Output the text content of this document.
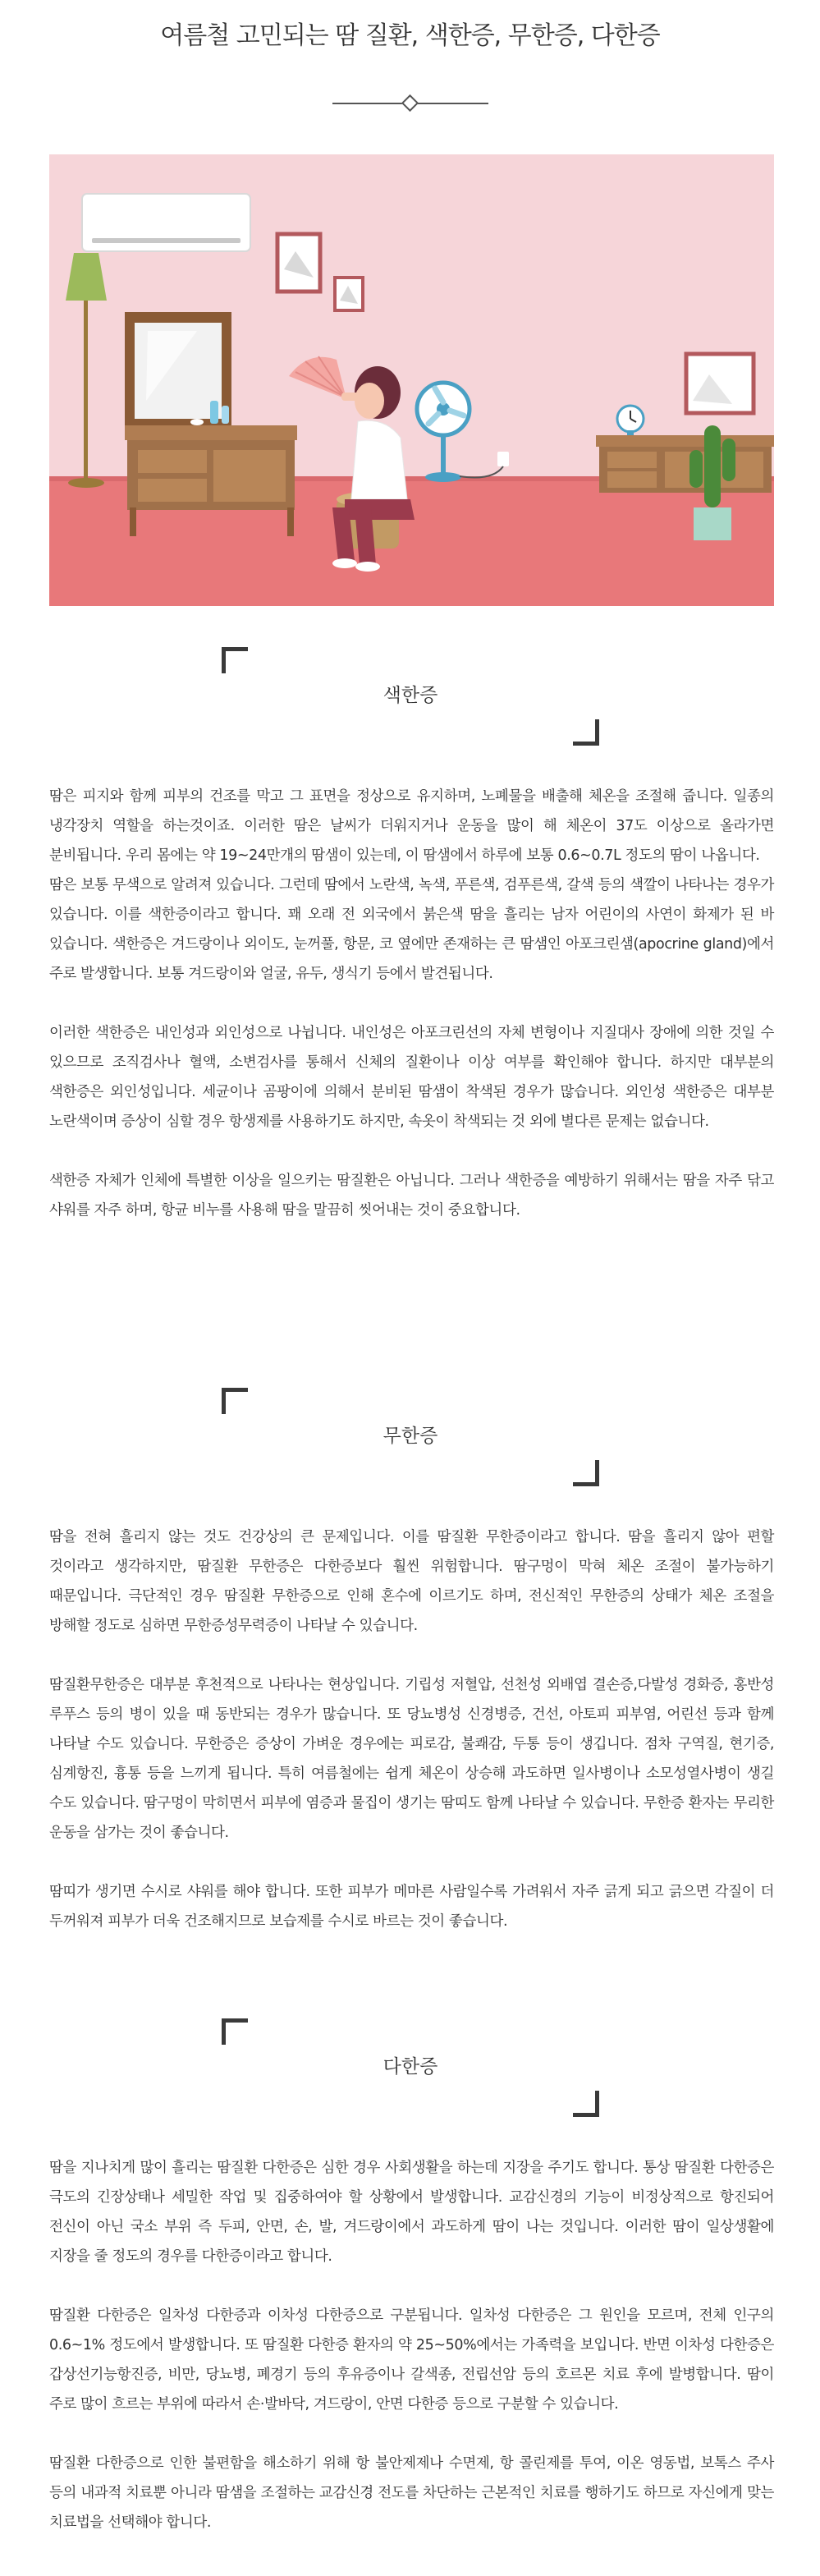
여름철 고민되는 땀 질환, 색한증, 무한증, 다한증
색한증

땀은 피지와 함께 피부의 건조를 막고 그 표면을 정상으로 유지하며, 노폐물을 배출해 체온을 조절해 줍니다. 일종의 냉각장치 역할을 하는것이죠. 이러한 땀은 날씨가 더워지거나 운동을 많이 해 체온이 37도 이상으로 올라가면 분비됩니다. 우리 몸에는 약 19~24만개의 땀샘이 있는데, 이 땀샘에서 하루에 보통 0.6~0.7L 정도의 땀이 나옵니다.

땀은 보통 무색으로 알려져 있습니다. 그런데 땀에서 노란색, 녹색, 푸른색, 검푸른색, 갈색 등의 색깔이 나타나는 경우가 있습니다. 이를 색한증이라고 합니다. 꽤 오래 전 외국에서 붉은색 땀을 흘리는 남자 어린이의 사연이 화제가 된 바 있습니다. 색한증은 겨드랑이나 외이도, 눈꺼풀, 항문, 코 옆에만 존재하는 큰 땀샘인 아포크린샘(apocrine gland)에서 주로 발생합니다. 보통 겨드랑이와 얼굴, 유두, 생식기 등에서 발견됩니다.

이러한 색한증은 내인성과 외인성으로 나뉩니다. 내인성은 아포크린선의 자체 변형이나 지질대사 장애에 의한 것일 수 있으므로 조직검사나 혈액, 소변검사를 통해서 신체의 질환이나 이상 여부를 확인해야 합니다. 하지만 대부분의 색한증은 외인성입니다. 세균이나 곰팡이에 의해서 분비된 땀샘이 착색된 경우가 많습니다. 외인성 색한증은 대부분 노란색이며 증상이 심할 경우 항생제를 사용하기도 하지만, 속옷이 착색되는 것 외에 별다른 문제는 없습니다.

색한증 자체가 인체에 특별한 이상을 일으키는 땀질환은 아닙니다. 그러나 색한증을 예방하기 위해서는 땀을 자주 닦고 샤워를 자주 하며, 항균 비누를 사용해 땀을 말끔히 씻어내는 것이 중요합니다.

무한증

땀을 전혀 흘리지 않는 것도 건강상의 큰 문제입니다. 이를 땀질환 무한증이라고 합니다. 땀을 흘리지 않아 편할 것이라고 생각하지만, 땀질환 무한증은 다한증보다 훨씬 위험합니다. 땀구멍이 막혀 체온 조절이 불가능하기 때문입니다. 극단적인 경우 땀질환 무한증으로 인해 혼수에 이르기도 하며, 전신적인 무한증의 상태가 체온 조절을 방해할 정도로 심하면 무한증성무력증이 나타날 수 있습니다.

땀질환무한증은 대부분 후천적으로 나타나는 현상입니다. 기립성 저혈압, 선천성 외배엽 결손증,다발성 경화증, 홍반성 루푸스 등의 병이 있을 때 동반되는 경우가 많습니다. 또 당뇨병성 신경병증, 건선, 아토피 피부염, 어린선 등과 함께 나타날 수도 있습니다. 무한증은 증상이 가벼운 경우에는 피로감, 불쾌감, 두통 등이 생깁니다. 점차 구역질, 현기증, 심계항진, 흉통 등을 느끼게 됩니다. 특히 여름철에는 쉽게 체온이 상승해 과도하면 일사병이나 소모성열사병이 생길 수도 있습니다. 땀구멍이 막히면서 피부에 염증과 물집이 생기는 땀띠도 함께 나타날 수 있습니다. 무한증 환자는 무리한 운동을 삼가는 것이 좋습니다.

땀띠가 생기면 수시로 샤워를 해야 합니다. 또한 피부가 메마른 사람일수록 가려워서 자주 긁게 되고 긁으면 각질이 더 두꺼워져 피부가 더욱 건조해지므로 보습제를 수시로 바르는 것이 좋습니다.

다한증

땀을 지나치게 많이 흘리는 땀질환 다한증은 심한 경우 사회생활을 하는데 지장을 주기도 합니다. 통상 땀질환 다한증은 극도의 긴장상태나 세밀한 작업 및 집중하여야 할 상황에서 발생합니다. 교감신경의 기능이 비정상적으로 항진되어 전신이 아닌 국소 부위 즉 두피, 안면, 손, 발, 겨드랑이에서 과도하게 땀이 나는 것입니다. 이러한 땀이 일상생활에 지장을 줄 정도의 경우를 다한증이라고 합니다.

땀질환 다한증은 일차성 다한증과 이차성 다한증으로 구분됩니다. 일차성 다한증은 그 원인을 모르며, 전체 인구의 0.6~1% 정도에서 발생합니다. 또 땀질환 다한증 환자의 약 25~50%에서는 가족력을 보입니다. 반면 이차성 다한증은 갑상선기능항진증, 비만, 당뇨병, 폐경기 등의 후유증이나 갈색종, 전립선암 등의 호르몬 치료 후에 발병합니다. 땀이 주로 많이 흐르는 부위에 따라서 손·발바닥, 겨드랑이, 안면 다한증 등으로 구분할 수 있습니다.

땀질환 다한증으로 인한 불편함을 해소하기 위해 항 불안제제나 수면제, 항 콜린제를 투여, 이온 영동법, 보톡스 주사 등의 내과적 치료뿐 아니라 땀샘을 조절하는 교감신경 전도를 차단하는 근본적인 치료를 행하기도 하므로 자신에게 맞는 치료법을 선택해야 합니다.
